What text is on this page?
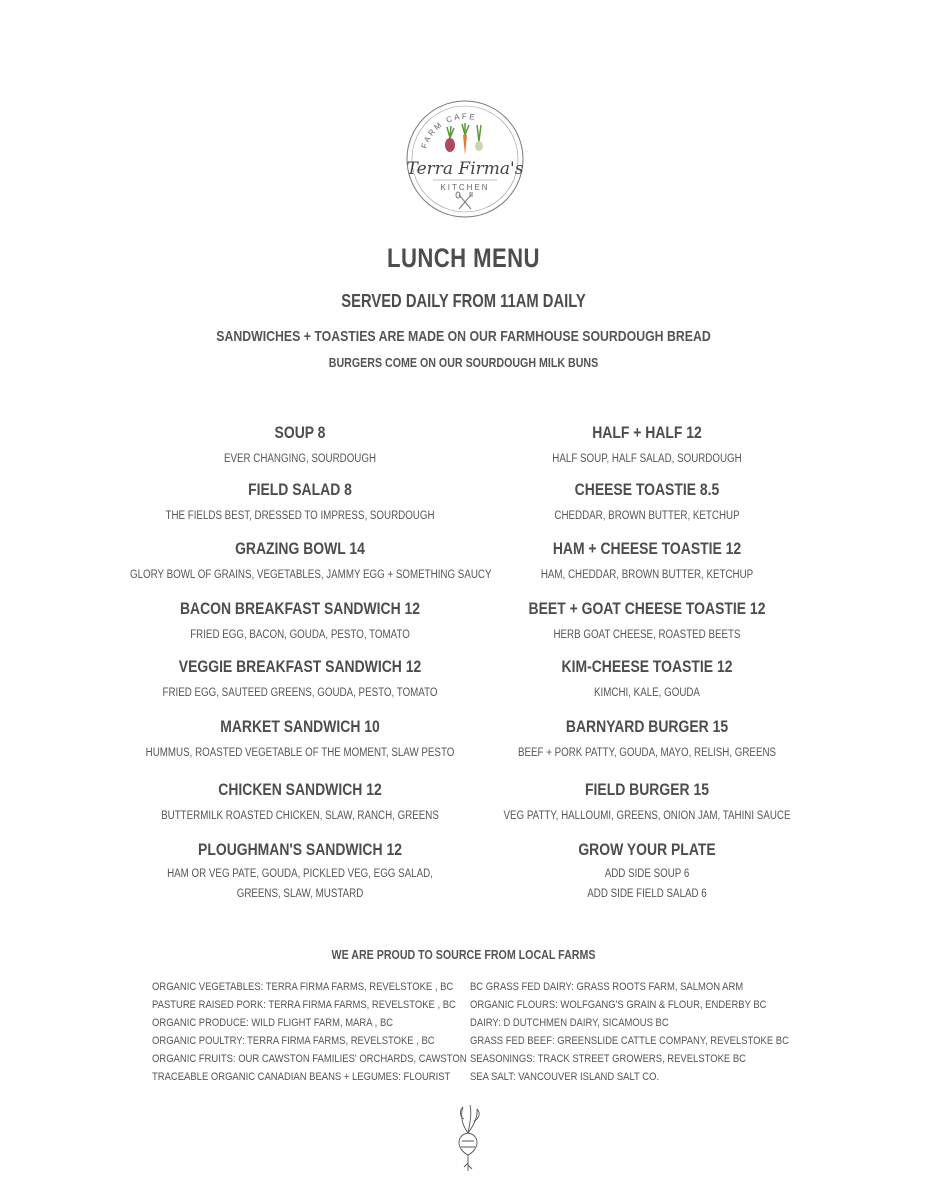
FARM CAFE
Terra Firma's
KITCHEN
LUNCH MENU
SERVED DAILY FROM 11AM DAILY
SANDWICHES + TOASTIES ARE MADE ON OUR FARMHOUSE SOURDOUGH BREAD
BURGERS COME ON OUR SOURDOUGH MILK BUNS
SOUP 8
EVER CHANGING, SOURDOUGH
FIELD SALAD 8
THE FIELDS BEST, DRESSED TO IMPRESS, SOURDOUGH
GRAZING BOWL 14
GLORY BOWL OF GRAINS, VEGETABLES, JAMMY EGG + SOMETHING SAUCY
BACON BREAKFAST SANDWICH 12
FRIED EGG, BACON, GOUDA, PESTO, TOMATO
VEGGIE BREAKFAST SANDWICH 12
FRIED EGG, SAUTEED GREENS, GOUDA, PESTO, TOMATO
MARKET SANDWICH 10
HUMMUS, ROASTED VEGETABLE OF THE MOMENT, SLAW PESTO
CHICKEN SANDWICH 12
BUTTERMILK ROASTED CHICKEN, SLAW, RANCH, GREENS
PLOUGHMAN'S SANDWICH 12
HAM OR VEG PATE, GOUDA, PICKLED VEG, EGG SALAD,
GREENS, SLAW, MUSTARD
HALF + HALF 12
HALF SOUP, HALF SALAD, SOURDOUGH
CHEESE TOASTIE 8.5
CHEDDAR, BROWN BUTTER, KETCHUP
HAM + CHEESE TOASTIE 12
HAM, CHEDDAR, BROWN BUTTER, KETCHUP
BEET + GOAT CHEESE TOASTIE 12
HERB GOAT CHEESE, ROASTED BEETS
KIM-CHEESE TOASTIE 12
KIMCHI, KALE, GOUDA
BARNYARD BURGER 15
BEEF + PORK PATTY, GOUDA, MAYO, RELISH, GREENS
FIELD BURGER 15
VEG PATTY, HALLOUMI, GREENS, ONION JAM, TAHINI SAUCE
GROW YOUR PLATE
ADD SIDE SOUP 6
ADD SIDE FIELD SALAD 6
WE ARE PROUD TO SOURCE FROM LOCAL FARMS
ORGANIC VEGETABLES: TERRA FIRMA FARMS, REVELSTOKE , BC
PASTURE RAISED PORK: TERRA FIRMA FARMS, REVELSTOKE , BC
ORGANIC PRODUCE: WILD FLIGHT FARM, MARA , BC
ORGANIC POULTRY: TERRA FIRMA FARMS, REVELSTOKE , BC
ORGANIC FRUITS: OUR CAWSTON FAMILIES' ORCHARDS, CAWSTON
TRACEABLE ORGANIC CANADIAN BEANS + LEGUMES: FLOURIST
BC GRASS FED DAIRY: GRASS ROOTS FARM, SALMON ARM
ORGANIC FLOURS: WOLFGANG'S GRAIN & FLOUR, ENDERBY BC
DAIRY: D DUTCHMEN DAIRY, SICAMOUS BC
GRASS FED BEEF: GREENSLIDE CATTLE COMPANY, REVELSTOKE BC
SEASONINGS: TRACK STREET GROWERS, REVELSTOKE BC
SEA SALT: VANCOUVER ISLAND SALT CO.
